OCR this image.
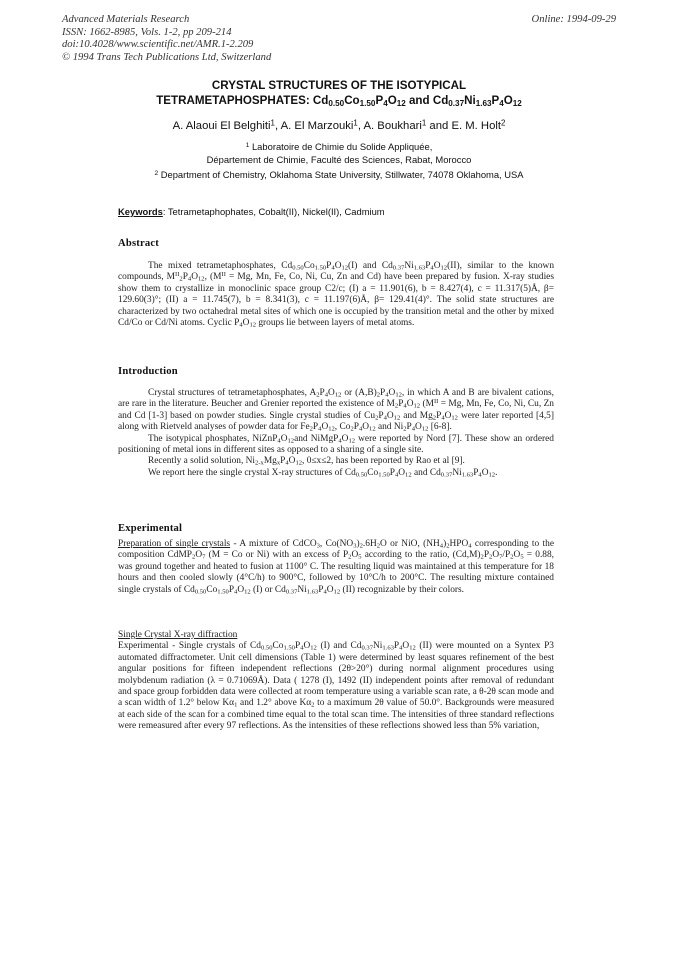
Advanced Materials Research
ISSN: 1662-8985, Vols. 1-2, pp 209-214
doi:10.4028/www.scientific.net/AMR.1-2.209
© 1994 Trans Tech Publications Ltd, Switzerland
Online: 1994-09-29
CRYSTAL STRUCTURES OF THE ISOTYPICAL
TETRAMETAPHOSPHATES: $Cd_{0.50}Co_{1.50}P_4O_{12}$ and $Cd_{0.37}Ni_{1.63}P_4O_{12}$
A. Alaoui El Belghiti$^1$, A. El Marzouki$^1$, A. Boukhari$^1$ and E. M. Holt$^2$
$^1$ Laboratoire de Chimie du Solide Appliquée,
Département de Chimie, Faculté des Sciences, Rabat, Morocco
$^2$ Department of Chemistry, Oklahoma State University, Stillwater, 74078 Oklahoma, USA
Keywords: Tetrametaphophates, Cobalt(II), Nickel(II), Cadmium
Abstract

The mixed tetrametaphosphates, $Cd_{0.50}Co_{1.50}P_4O_{12}(I)$ and $Cd_{0.37}Ni_{1.63}P_4O_{12}(II)$, similar to the known compounds, $M^{II}_2P_4O_{12}$, ($M^{II} = Mg$, Mn, Fe, Co, Ni, Cu, Zn and Cd) have been prepared by fusion. X-ray studies show them to crystallize in monoclinic space group C2/c; (I) a = 11.901(6), b = 8.427(4), c = 11.317(5)Å, β= 129.60(3)°; (II) a = 11.745(7), b = 8.341(3), c = 11.197(6)Å, β= 129.41(4)°. The solid state structures are characterized by two octahedral metal sites of which one is occupied by the transition metal and the other by mixed Cd/Co or Cd/Ni atoms. Cyclic $P_4O_{12}$ groups lie between layers of metal atoms.

Introduction

Crystal structures of tetrametaphosphates, $A_2P_4O_{12}$ or $(A,B)_2P_4O_{12}$, in which A and B are bivalent cations, are rare in the literature. Beucher and Grenier reported the existence of $M_2P_4O_{12}$ ($M^{II} = Mg$, Mn, Fe, Co, Ni, Cu, Zn and Cd [1-3] based on powder studies. Single crystal studies of $Cu_2P_4O_{12}$ and $Mg_2P_4O_{12}$ were later reported [4,5] along with Rietveld analyses of powder data for $Fe_2P_4O_{12}$, $Co_2P_4O_{12}$ and $Ni_2P_4O_{12}$ [6-8].

The isotypical phosphates, $NiZnP_4O_{12}and$ $NiMgP_4O_{12}$ were reported by Nord [7]. These show an ordered positioning of metal ions in different sites as opposed to a sharing of a single site.

Recently a solid solution, $Ni_{2-x}Mg_xP_4O_{12}$, 0≤x≤2, has been reported by Rao et al [9].

We report here the single crystal X-ray structures of $Cd_{0.50}Co_{1.50}P_4O_{12}$ and $Cd_{0.37}Ni_{1.63}P_4O_{12}$.

Experimental

Preparation of single crystals - A mixture of CdCO$_3$, $Co(NO_3)_2.6H_2O$ or NiO, $(NH_4)_2HPO_4$ corresponding to the composition $CdMP_2O_7$ (M = Co or Ni) with an excess of $P_2O_5$ according to the ratio, $(Cd,M)_2P_2O_7/P_2O_5 = 0.88$, was ground together and heated to fusion at 1100° C. The resulting liquid was maintained at this temperature for 18 hours and then cooled slowly (4°C/h) to 900°C, followed by 10°C/h to 200°C. The resulting mixture contained single crystals of $Cd_{0.50}Co_{1.50}P_4O_{12}$ (I) or $Cd_{0.37}Ni_{1.63}P_4O_{12}$ (II) recognizable by their colors.

Single Crystal X-ray diffraction

Experimental - Single crystals of $Cd_{0.50}Co_{1.50}P_4O_{12}$ (I) and $Cd_{0.37}Ni_{1.63}P_4O_{12}$ (II) were mounted on a Syntex P3 automated diffractometer. Unit cell dimensions (Table 1) were determined by least squares refinement of the best angular positions for fifteen independent reflections (2θ>20°) during normal alignment procedures using molybdenum radiation (λ = 0.71069Å). Data ( 1278 (I), 1492 (II) independent points after removal of redundant and space group forbidden data were collected at room temperature using a variable scan rate, a θ-2θ scan mode and a scan width of 1.2° below $K\alpha_1$ and 1.2° above $K\alpha_2$ to a maximum 2θ value of 50.0°. Backgrounds were measured at each side of the scan for a combined time equal to the total scan time. The intensities of three standard reflections were remeasured after every 97 reflections. As the intensities of these reflections showed less than 5% variation,
